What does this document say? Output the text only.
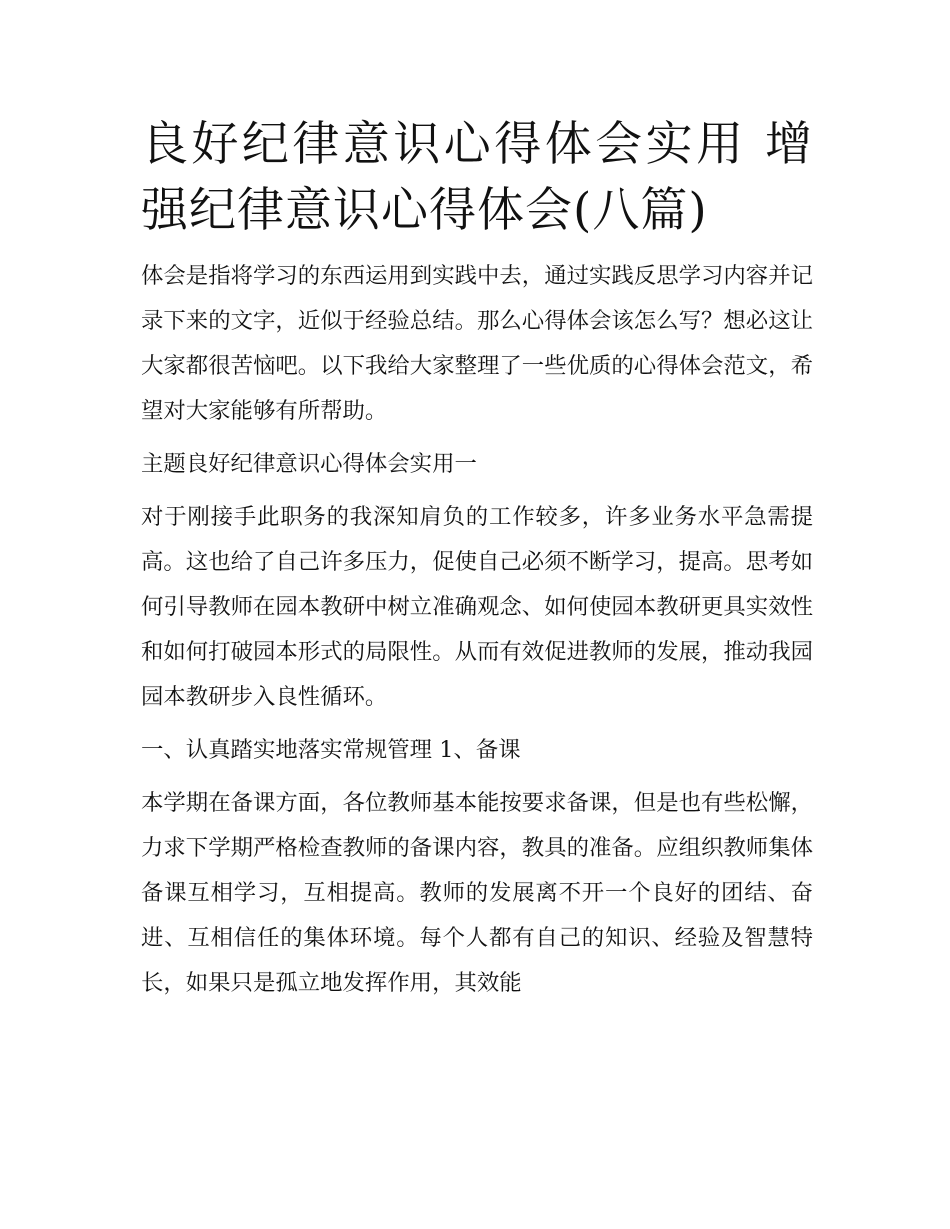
良好纪律意识心得体会实用 增强纪律意识心得体会(八篇)

体会是指将学习的东西运用到实践中去，通过实践反思学习内容并记录下来的文字，近似于经验总结。那么心得体会该怎么写？想必这让大家都很苦恼吧。以下我给大家整理了一些优质的心得体会范文，希望对大家能够有所帮助。

主题良好纪律意识心得体会实用一

对于刚接手此职务的我深知肩负的工作较多，许多业务水平急需提高。这也给了自己许多压力，促使自己必须不断学习，提高。思考如何引导教师在园本教研中树立准确观念、如何使园本教研更具实效性和如何打破园本形式的局限性。从而有效促进教师的发展，推动我园园本教研步入良性循环。

一、认真踏实地落实常规管理 1、备课

本学期在备课方面，各位教师基本能按要求备课，但是也有些松懈，力求下学期严格检查教师的备课内容，教具的准备。应组织教师集体备课互相学习，互相提高。教师的发展离不开一个良好的团结、奋进、互相信任的集体环境。每个人都有自己的知识、经验及智慧特长，如果只是孤立地发挥作用，其效能
